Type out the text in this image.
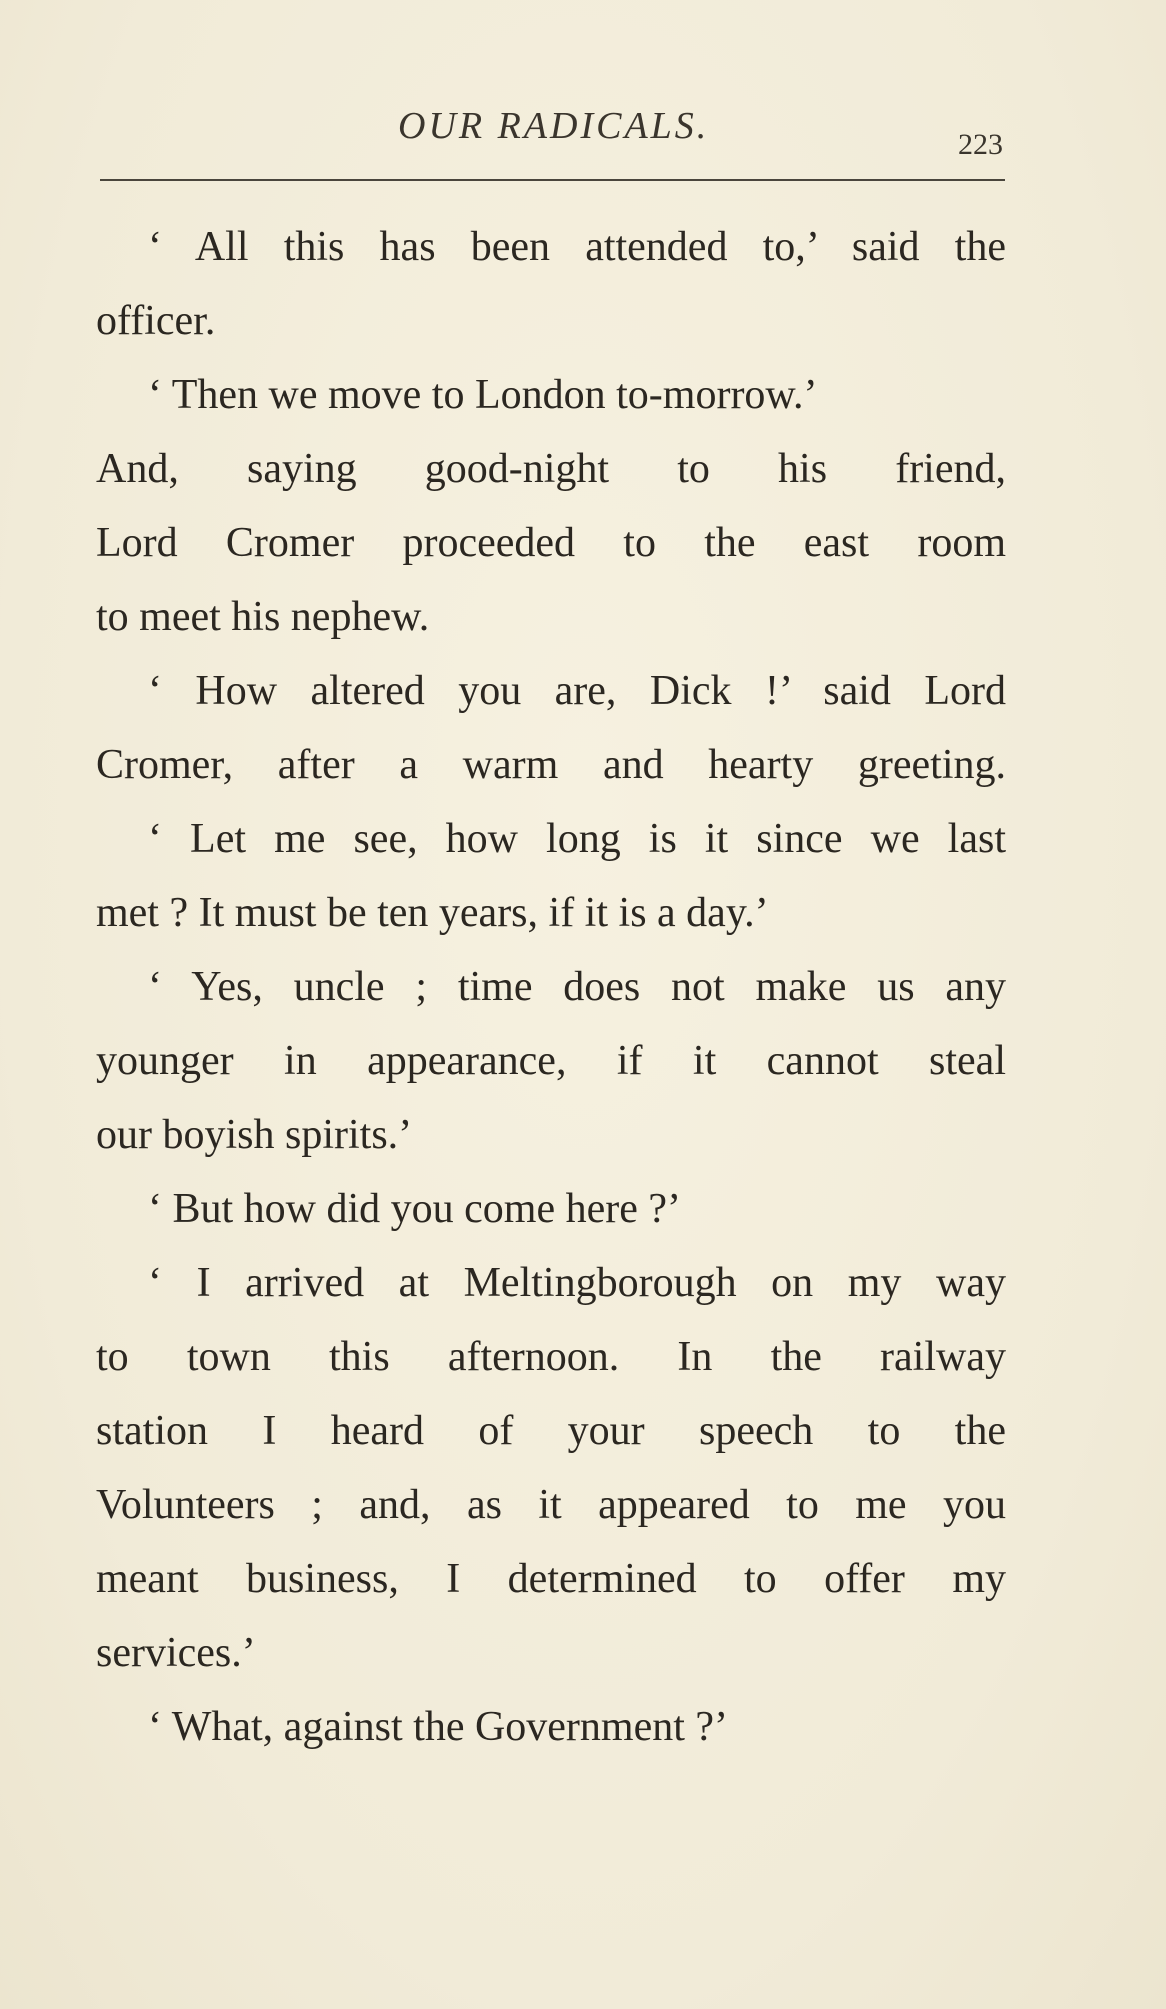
OUR RADICALS.	223
‘ All this has been attended to,’ said the
officer.
‘ Then we move to London to-morrow.’
And, saying good-night to his friend,
Lord Cromer proceeded to the east room
to meet his nephew.
‘ How altered you are, Dick !’ said Lord
Cromer, after a warm and hearty greeting.
‘ Let me see, how long is it since we last
met ? It must be ten years, if it is a day.’
‘ Yes, uncle ; time does not make us any
younger in appearance, if it cannot steal
our boyish spirits.’
‘ But how did you come here ?’
‘ I arrived at Meltingborough on my way
to town this afternoon. In the railway
station I heard of your speech to the
Volunteers ; and, as it appeared to me you
meant business, I determined to offer my
services.’
‘ What, against the Government ?’
